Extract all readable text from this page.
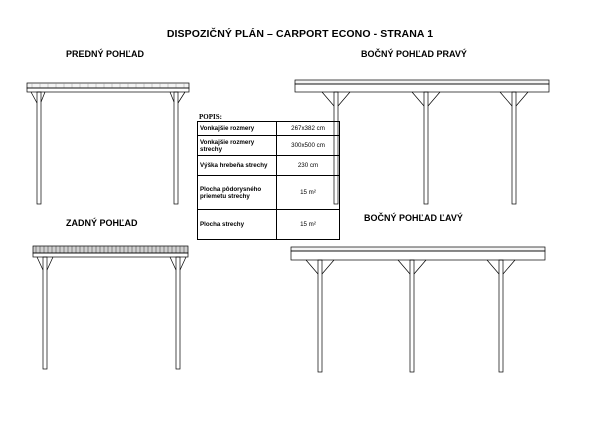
DISPOZIČNÝ PLÁN – CARPORT ECONO - STRANA 1
PREDNÝ POHĽAD	BOČNÝ POHĽAD PRAVÝ
ZADNÝ POHĽAD	BOČNÝ POHĽAD ĽAVÝ
POPIS:
Vonkajšie rozmery	267x382 cm
Vonkajšie rozmery strechy	300x500 cm
Výška hrebeňa strechy	230 cm
Plocha pôdorysného priemetu strechy	15 m²
Plocha strechy	15 m²
